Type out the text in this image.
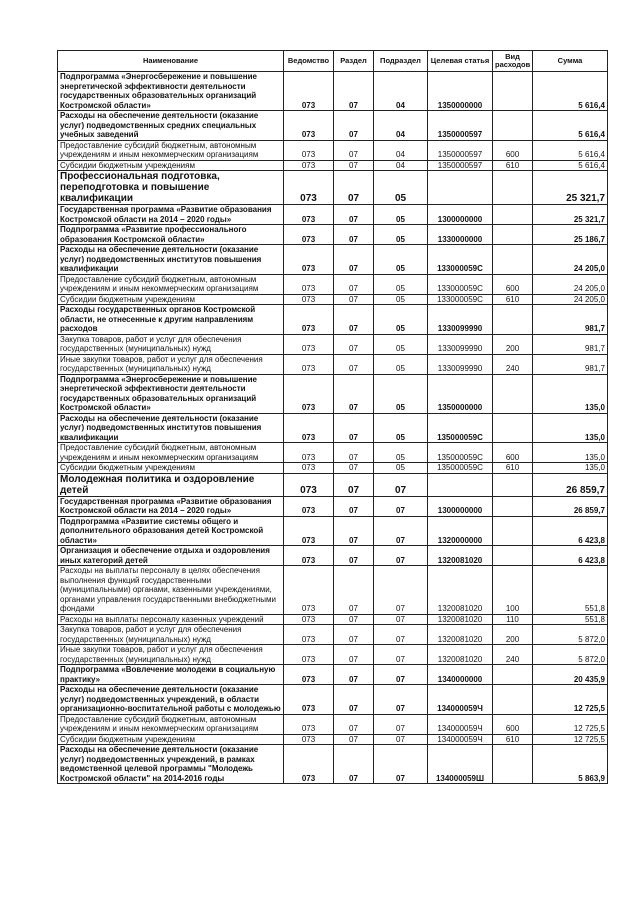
Наименование	Ведомство	Раздел	Подраздел	Целевая статья	Вид расходов	Сумма
Подпрограмма «Энергосбережение и повышение энергетической эффективности деятельности государственных образовательных организаций Костромской области»	073	07	04	1350000000		5 616,4
Расходы на обеспечение деятельности (оказание услуг) подведомственных средних специальных учебных заведений	073	07	04	1350000597		5 616,4
Предоставление субсидий бюджетным, автономным учреждениям и иным некоммерческим организациям	073	07	04	1350000597	600	5 616,4
Субсидии бюджетным учреждениям	073	07	04	1350000597	610	5 616,4
Профессиональная подготовка, переподготовка и повышение квалификации	073	07	05			25 321,7
Государственная программа «Развитие образования Костромской области на 2014 – 2020 годы»	073	07	05	1300000000		25 321,7
Подпрограмма «Развитие профессионального образования Костромской области»	073	07	05	1330000000		25 186,7
Расходы на обеспечение деятельности (оказание услуг) подведомственных институтов повышения квалификации	073	07	05	133000059С		24 205,0
Предоставление субсидий бюджетным, автономным учреждениям и иным некоммерческим организациям	073	07	05	133000059С	600	24 205,0
Субсидии бюджетным учреждениям	073	07	05	133000059С	610	24 205,0
Расходы государственных органов Костромской области, не отнесенные к другим направлениям расходов	073	07	05	1330099990		981,7
Закупка товаров, работ и услуг для обеспечения государственных (муниципальных) нужд	073	07	05	1330099990	200	981,7
Иные закупки товаров, работ и услуг для обеспечения государственных (муниципальных) нужд	073	07	05	1330099990	240	981,7
Подпрограмма «Энергосбережение и повышение энергетической эффективности деятельности государственных образовательных организаций Костромской области»	073	07	05	1350000000		135,0
Расходы на обеспечение деятельности (оказание услуг) подведомственных институтов повышения квалификации	073	07	05	135000059С		135,0
Предоставление субсидий бюджетным, автономным учреждениям и иным некоммерческим организациям	073	07	05	135000059С	600	135,0
Субсидии бюджетным учреждениям	073	07	05	135000059С	610	135,0
Молодежная политика и оздоровление детей	073	07	07			26 859,7
Государственная программа «Развитие образования Костромской области на 2014 – 2020 годы»	073	07	07	1300000000		26 859,7
Подпрограмма «Развитие системы общего и дополнительного образования детей Костромской области»	073	07	07	1320000000		6 423,8
Организация и обеспечение отдыха и оздоровления иных категорий детей	073	07	07	1320081020		6 423,8
Расходы на выплаты персоналу в целях обеспечения выполнения функций государственными (муниципальными) органами, казенными учреждениями, органами управления государственными внебюджетными фондами	073	07	07	1320081020	100	551,8
Расходы на выплаты персоналу казенных учреждений	073	07	07	1320081020	110	551,8
Закупка товаров, работ и услуг для обеспечения государственных (муниципальных) нужд	073	07	07	1320081020	200	5 872,0
Иные закупки товаров, работ и услуг для обеспечения государственных (муниципальных) нужд	073	07	07	1320081020	240	5 872,0
Подпрограмма «Вовлечение молодежи в социальную практику»	073	07	07	1340000000		20 435,9
Расходы на обеспечение деятельности (оказание услуг) подведомственных учреждений, в области организационно-воспитательной работы с молодежью	073	07	07	134000059Ч		12 725,5
Предоставление субсидий бюджетным, автономным учреждениям и иным некоммерческим организациям	073	07	07	134000059Ч	600	12 725,5
Субсидии бюджетным учреждениям	073	07	07	134000059Ч	610	12 725,5
Расходы на обеспечение деятельности (оказание услуг) подведомственных учреждений, в рамках ведомственной целевой программы "Молодежь Костромской области" на 2014-2016 годы	073	07	07	134000059Ш		5 863,9
